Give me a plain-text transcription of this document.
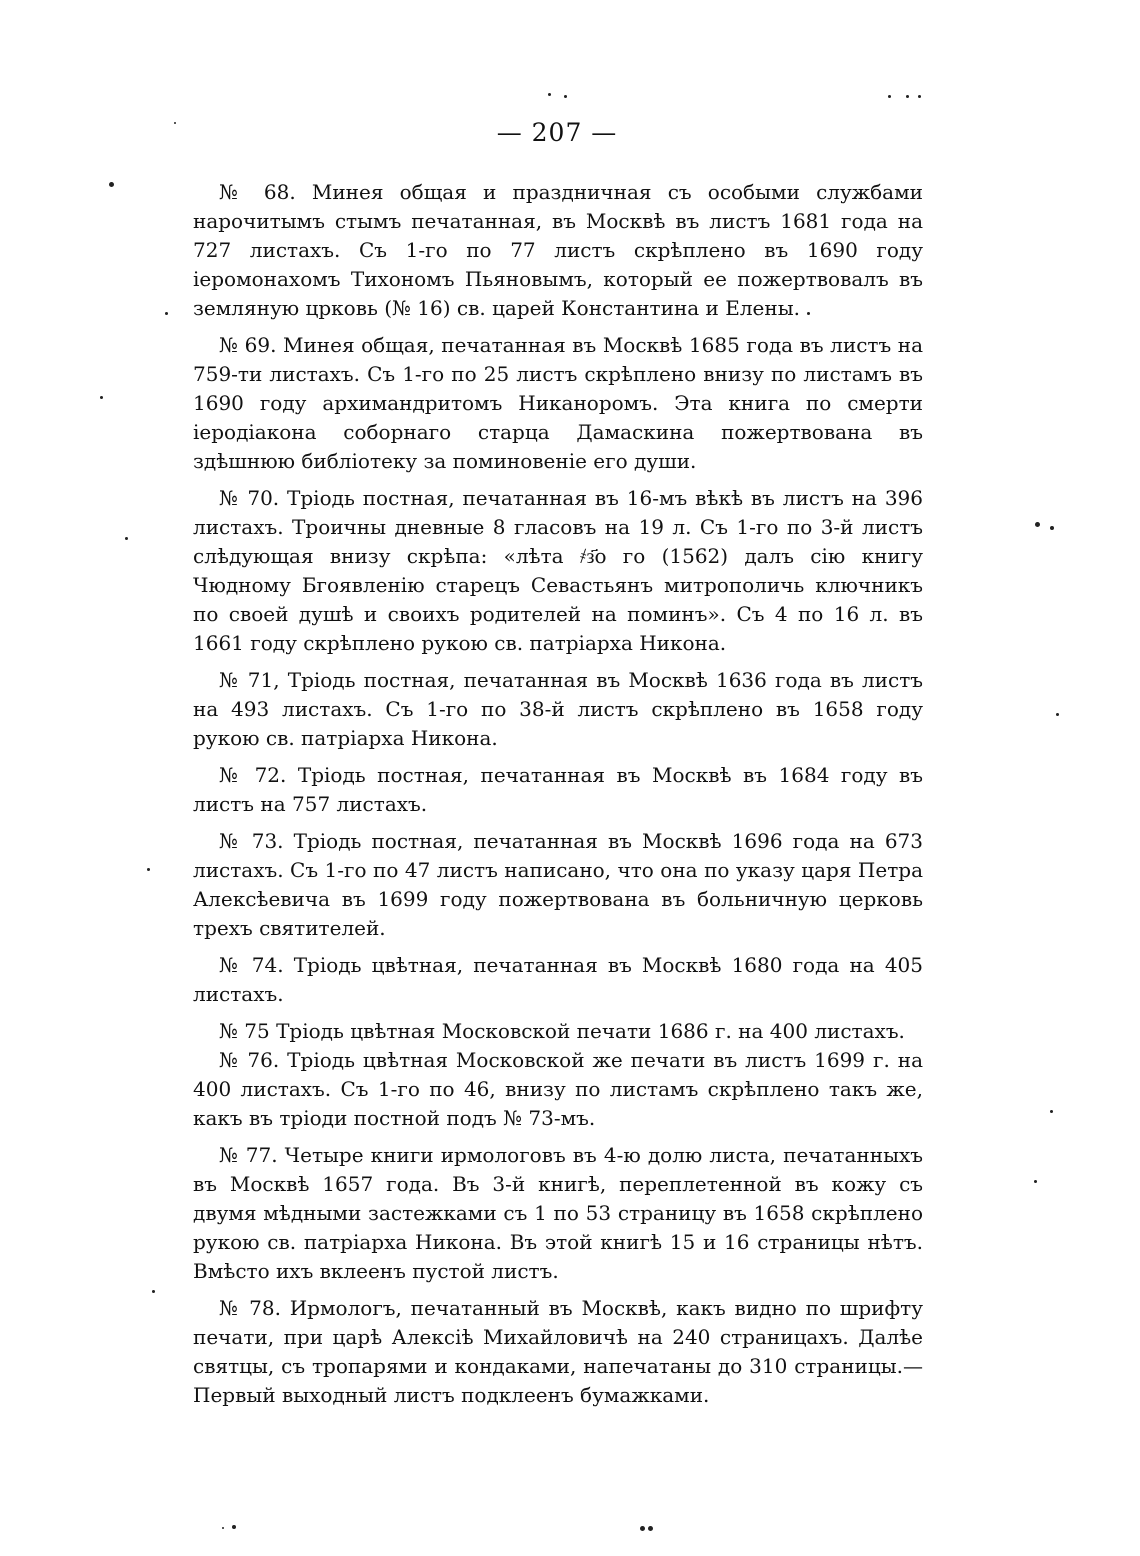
— 207 —

№ 68. Минея общая и праздничная съ особыми службами нарочитымъ стымъ печатанная, въ Москвѣ въ листъ 1681 года на 727 листахъ. Съ 1-го по 77 листъ скрѣплено въ 1690 году іеромонахомъ Тихономъ Пьяновымъ, который ее пожертвовалъ въ земляную црковь (№ 16) св. царей Константина и Елены.

№ 69. Минея общая, печатанная въ Москвѣ 1685 года въ листъ на 759-ти листахъ. Съ 1-го по 25 листъ скрѣплено внизу по листамъ въ 1690 году архимандритомъ Никаноромъ. Эта книга по смерти іеродіакона соборнаго старца Дамаскина пожертвована въ здѣшнюю библіотеку за поминовеніе его души.

№ 70. Тріодь постная, печатанная въ 16-мъ вѣкѣ въ листъ на 396 листахъ. Троичны дневные 8 гласовъ на 19 л. Съ 1-го по 3-й листъ слѣдующая внизу скрѣпа: «лѣта ҂з҃о го (1562) далъ сію книгу Чюдному Бгоявленію старецъ Севастьянъ митрополичь ключникъ по своей душѣ и своихъ родителей на поминъ». Съ 4 по 16 л. въ 1661 году скрѣплено рукою св. патріарха Никона.

№ 71, Тріодь постная, печатанная въ Москвѣ 1636 года въ листъ на 493 листахъ. Съ 1-го по 38-й листъ скрѣплено въ 1658 году рукою св. патріарха Никона.

№ 72. Тріодь постная, печатанная въ Москвѣ въ 1684 году въ листъ на 757 листахъ.

№ 73. Тріодь постная, печатанная въ Москвѣ 1696 года на 673 листахъ. Съ 1-го по 47 листъ написано, что она по указу царя Петра Алексѣевича въ 1699 году пожертвована въ больничную церковь трехъ святителей.

№ 74. Тріодь цвѣтная, печатанная въ Москвѣ 1680 года на 405 листахъ.

№ 75 Тріодь цвѣтная Московской печати 1686 г. на 400 листахъ.

№ 76. Тріодь цвѣтная Московской же печати въ листъ 1699 г. на 400 листахъ. Съ 1-го по 46, внизу по листамъ скрѣплено такъ же, какъ въ тріоди постной подъ № 73-мъ.

№ 77. Четыре книги ирмологовъ въ 4-ю долю листа, печатанныхъ въ Москвѣ 1657 года. Въ 3-й книгѣ, переплетенной въ кожу съ двумя мѣдными застежками съ 1 по 53 страницу въ 1658 скрѣплено рукою св. патріарха Никона. Въ этой книгѣ 15 и 16 страницы нѣтъ. Вмѣсто ихъ вклеенъ пустой листъ.

№ 78. Ирмологъ, печатанный въ Москвѣ, какъ видно по шрифту печати, при царѣ Алексіѣ Михайловичѣ на 240 страницахъ. Далѣе святцы, съ тропарями и кондаками, напечатаны до 310 страницы.— Первый выходный листъ подклеенъ бумажками.
